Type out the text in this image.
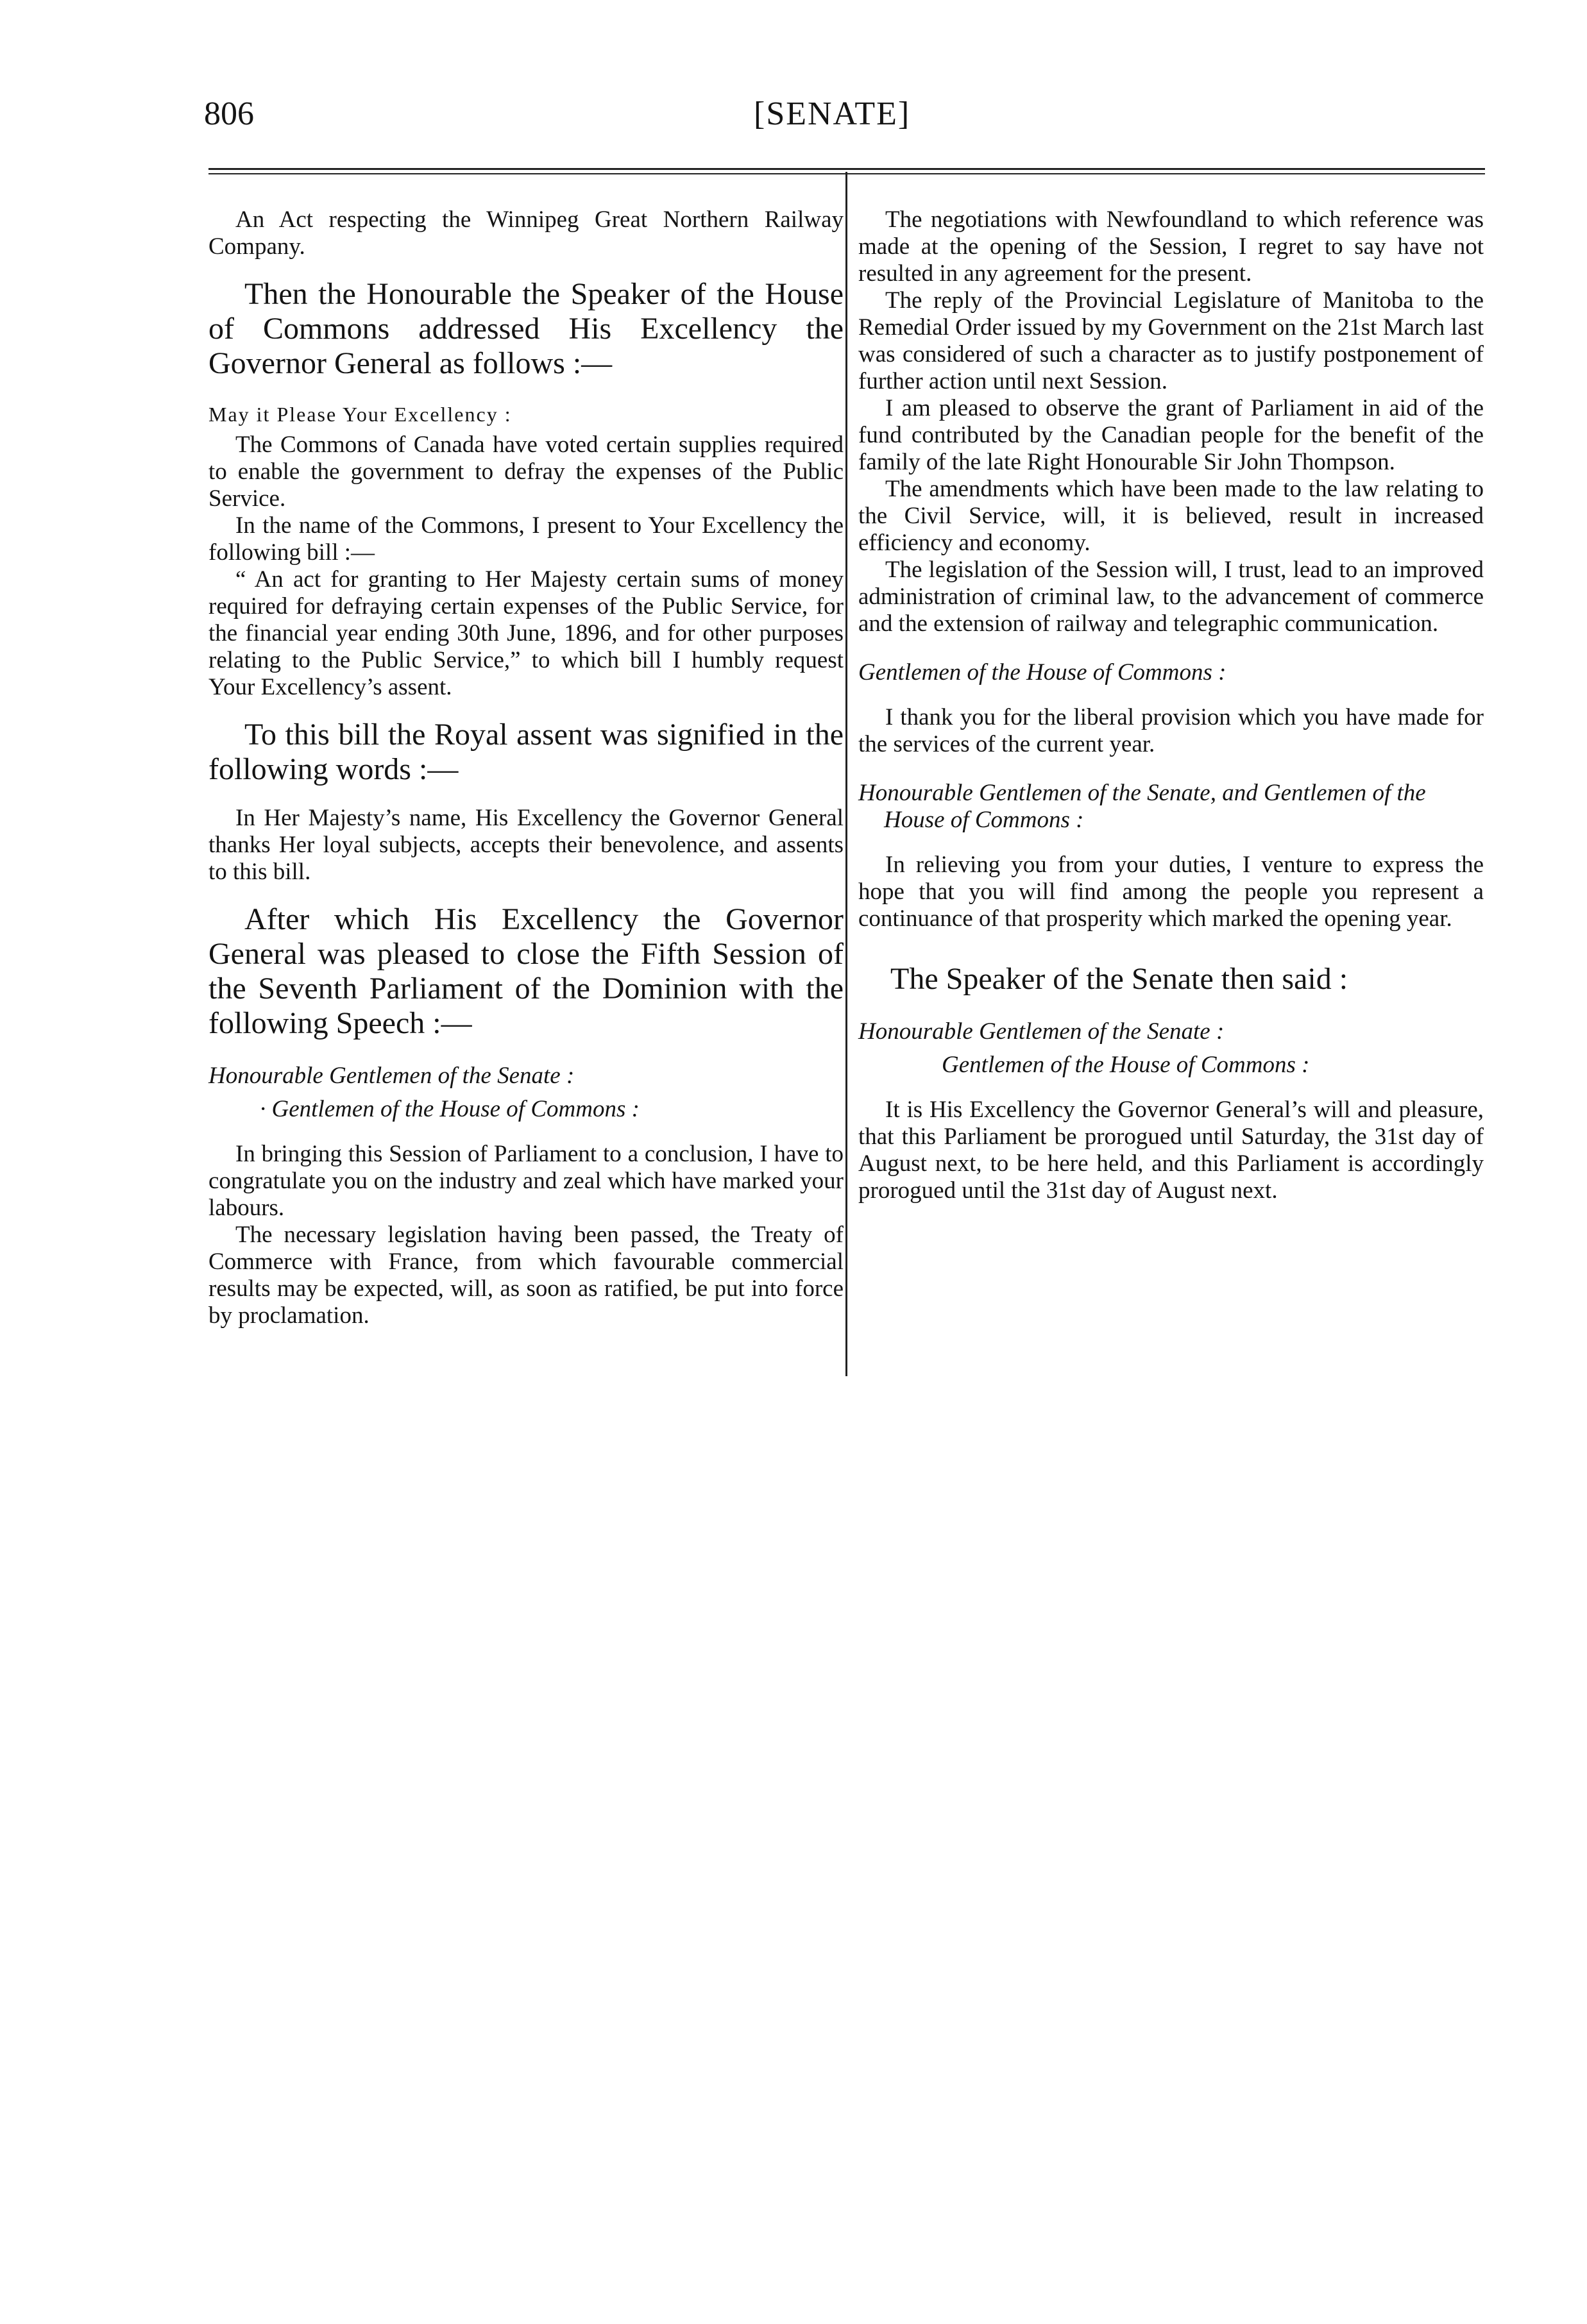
806	[SENATE]

An Act respecting the Winnipeg Great Northern Railway Company.

Then the Honourable the Speaker of the House of Commons addressed His Excellency the Governor General as follows :—

May it Please Your Excellency :

The Commons of Canada have voted certain supplies required to enable the government to defray the expenses of the Public Service.

In the name of the Commons, I present to Your Excellency the following bill :—

“ An act for granting to Her Majesty certain sums of money required for defraying certain expenses of the Public Service, for the financial year ending 30th June, 1896, and for other purposes relating to the Public Service,” to which bill I humbly request Your Excellency’s assent.

To this bill the Royal assent was signified in the following words :—

In Her Majesty’s name, His Excellency the Governor General thanks Her loyal subjects, accepts their benevolence, and assents to this bill.

After which His Excellency the Governor General was pleased to close the Fifth Session of the Seventh Parliament of the Dominion with the following Speech :—

Honourable Gentlemen of the Senate :

· Gentlemen of the House of Commons :

In bringing this Session of Parliament to a conclusion, I have to congratulate you on the industry and zeal which have marked your labours.

The necessary legislation having been passed, the Treaty of Commerce with France, from which favourable commercial results may be expected, will, as soon as ratified, be put into force by proclamation.

The negotiations with Newfoundland to which reference was made at the opening of the Session, I regret to say have not resulted in any agreement for the present.

The reply of the Provincial Legislature of Manitoba to the Remedial Order issued by my Government on the 21st March last was considered of such a character as to justify postponement of further action until next Session.

I am pleased to observe the grant of Parliament in aid of the fund contributed by the Canadian people for the benefit of the family of the late Right Honourable Sir John Thompson.

The amendments which have been made to the law relating to the Civil Service, will, it is believed, result in increased efficiency and economy.

The legislation of the Session will, I trust, lead to an improved administration of criminal law, to the advancement of commerce and the extension of railway and telegraphic communication.

Gentlemen of the House of Commons :

I thank you for the liberal provision which you have made for the services of the current year.

Honourable Gentlemen of the Senate, and Gentlemen of the House of Commons :

In relieving you from your duties, I venture to express the hope that you will find among the people you represent a continuance of that prosperity which marked the opening year.

The Speaker of the Senate then said :

Honourable Gentlemen of the Senate :

Gentlemen of the House of Commons :

It is His Excellency the Governor General’s will and pleasure, that this Parliament be prorogued until Saturday, the 31st day of August next, to be here held, and this Parliament is accordingly prorogued until the 31st day of August next.
